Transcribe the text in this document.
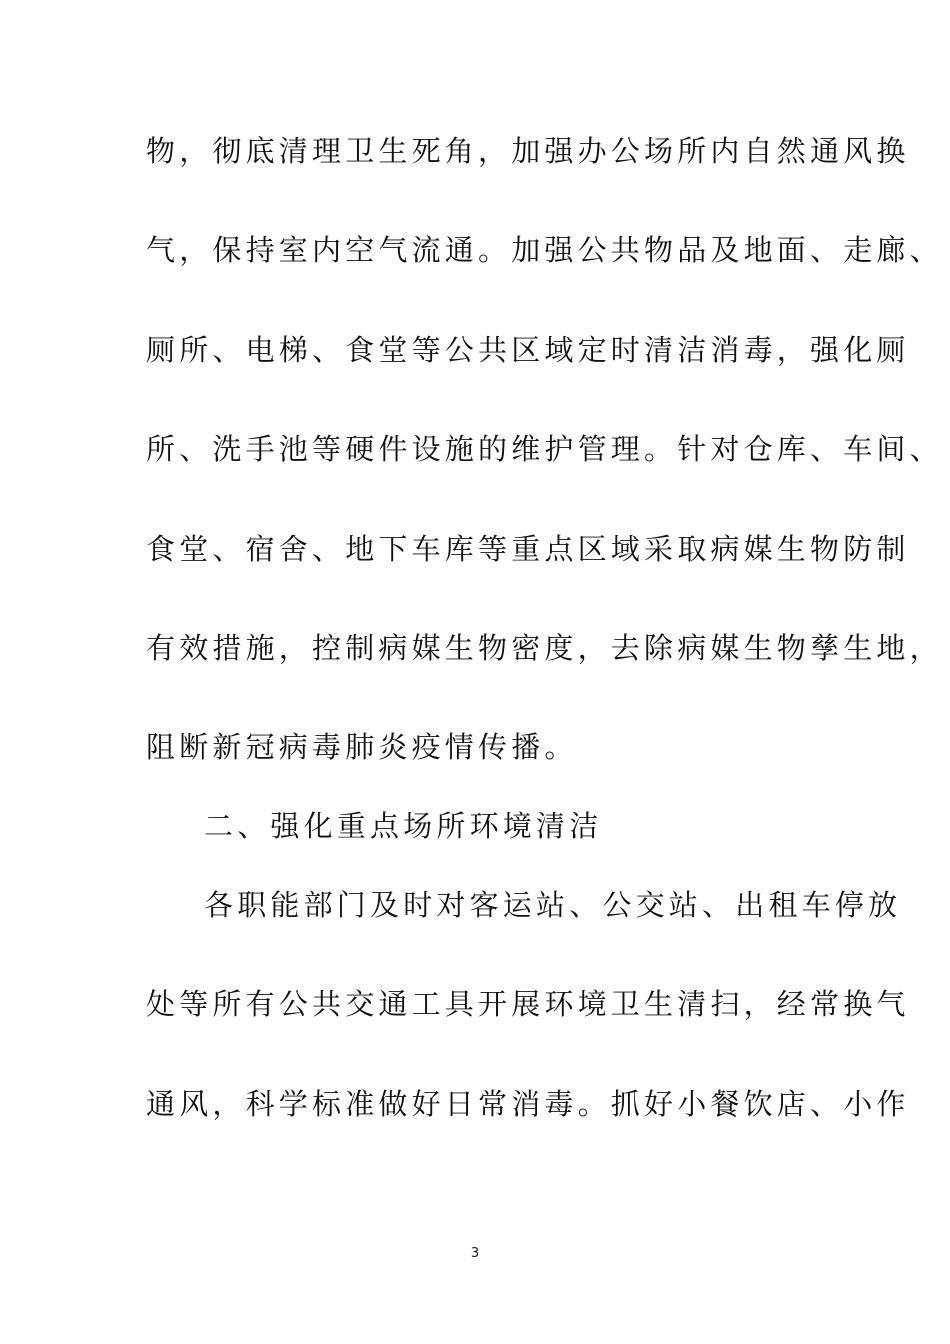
物，彻底清理卫生死角，加强办公场所内自然通风换
气，保持室内空气流通。加强公共物品及地面、走廊、
厕所、电梯、食堂等公共区域定时清洁消毒，强化厕
所、洗手池等硬件设施的维护管理。针对仓库、车间、
食堂、宿舍、地下车库等重点区域采取病媒生物防制
有效措施，控制病媒生物密度，去除病媒生物孳生地，
阻断新冠病毒肺炎疫情传播。
二、强化重点场所环境清洁
各职能部门及时对客运站、公交站、出租车停放
处等所有公共交通工具开展环境卫生清扫，经常换气
通风，科学标准做好日常消毒。抓好小餐饮店、小作
3
